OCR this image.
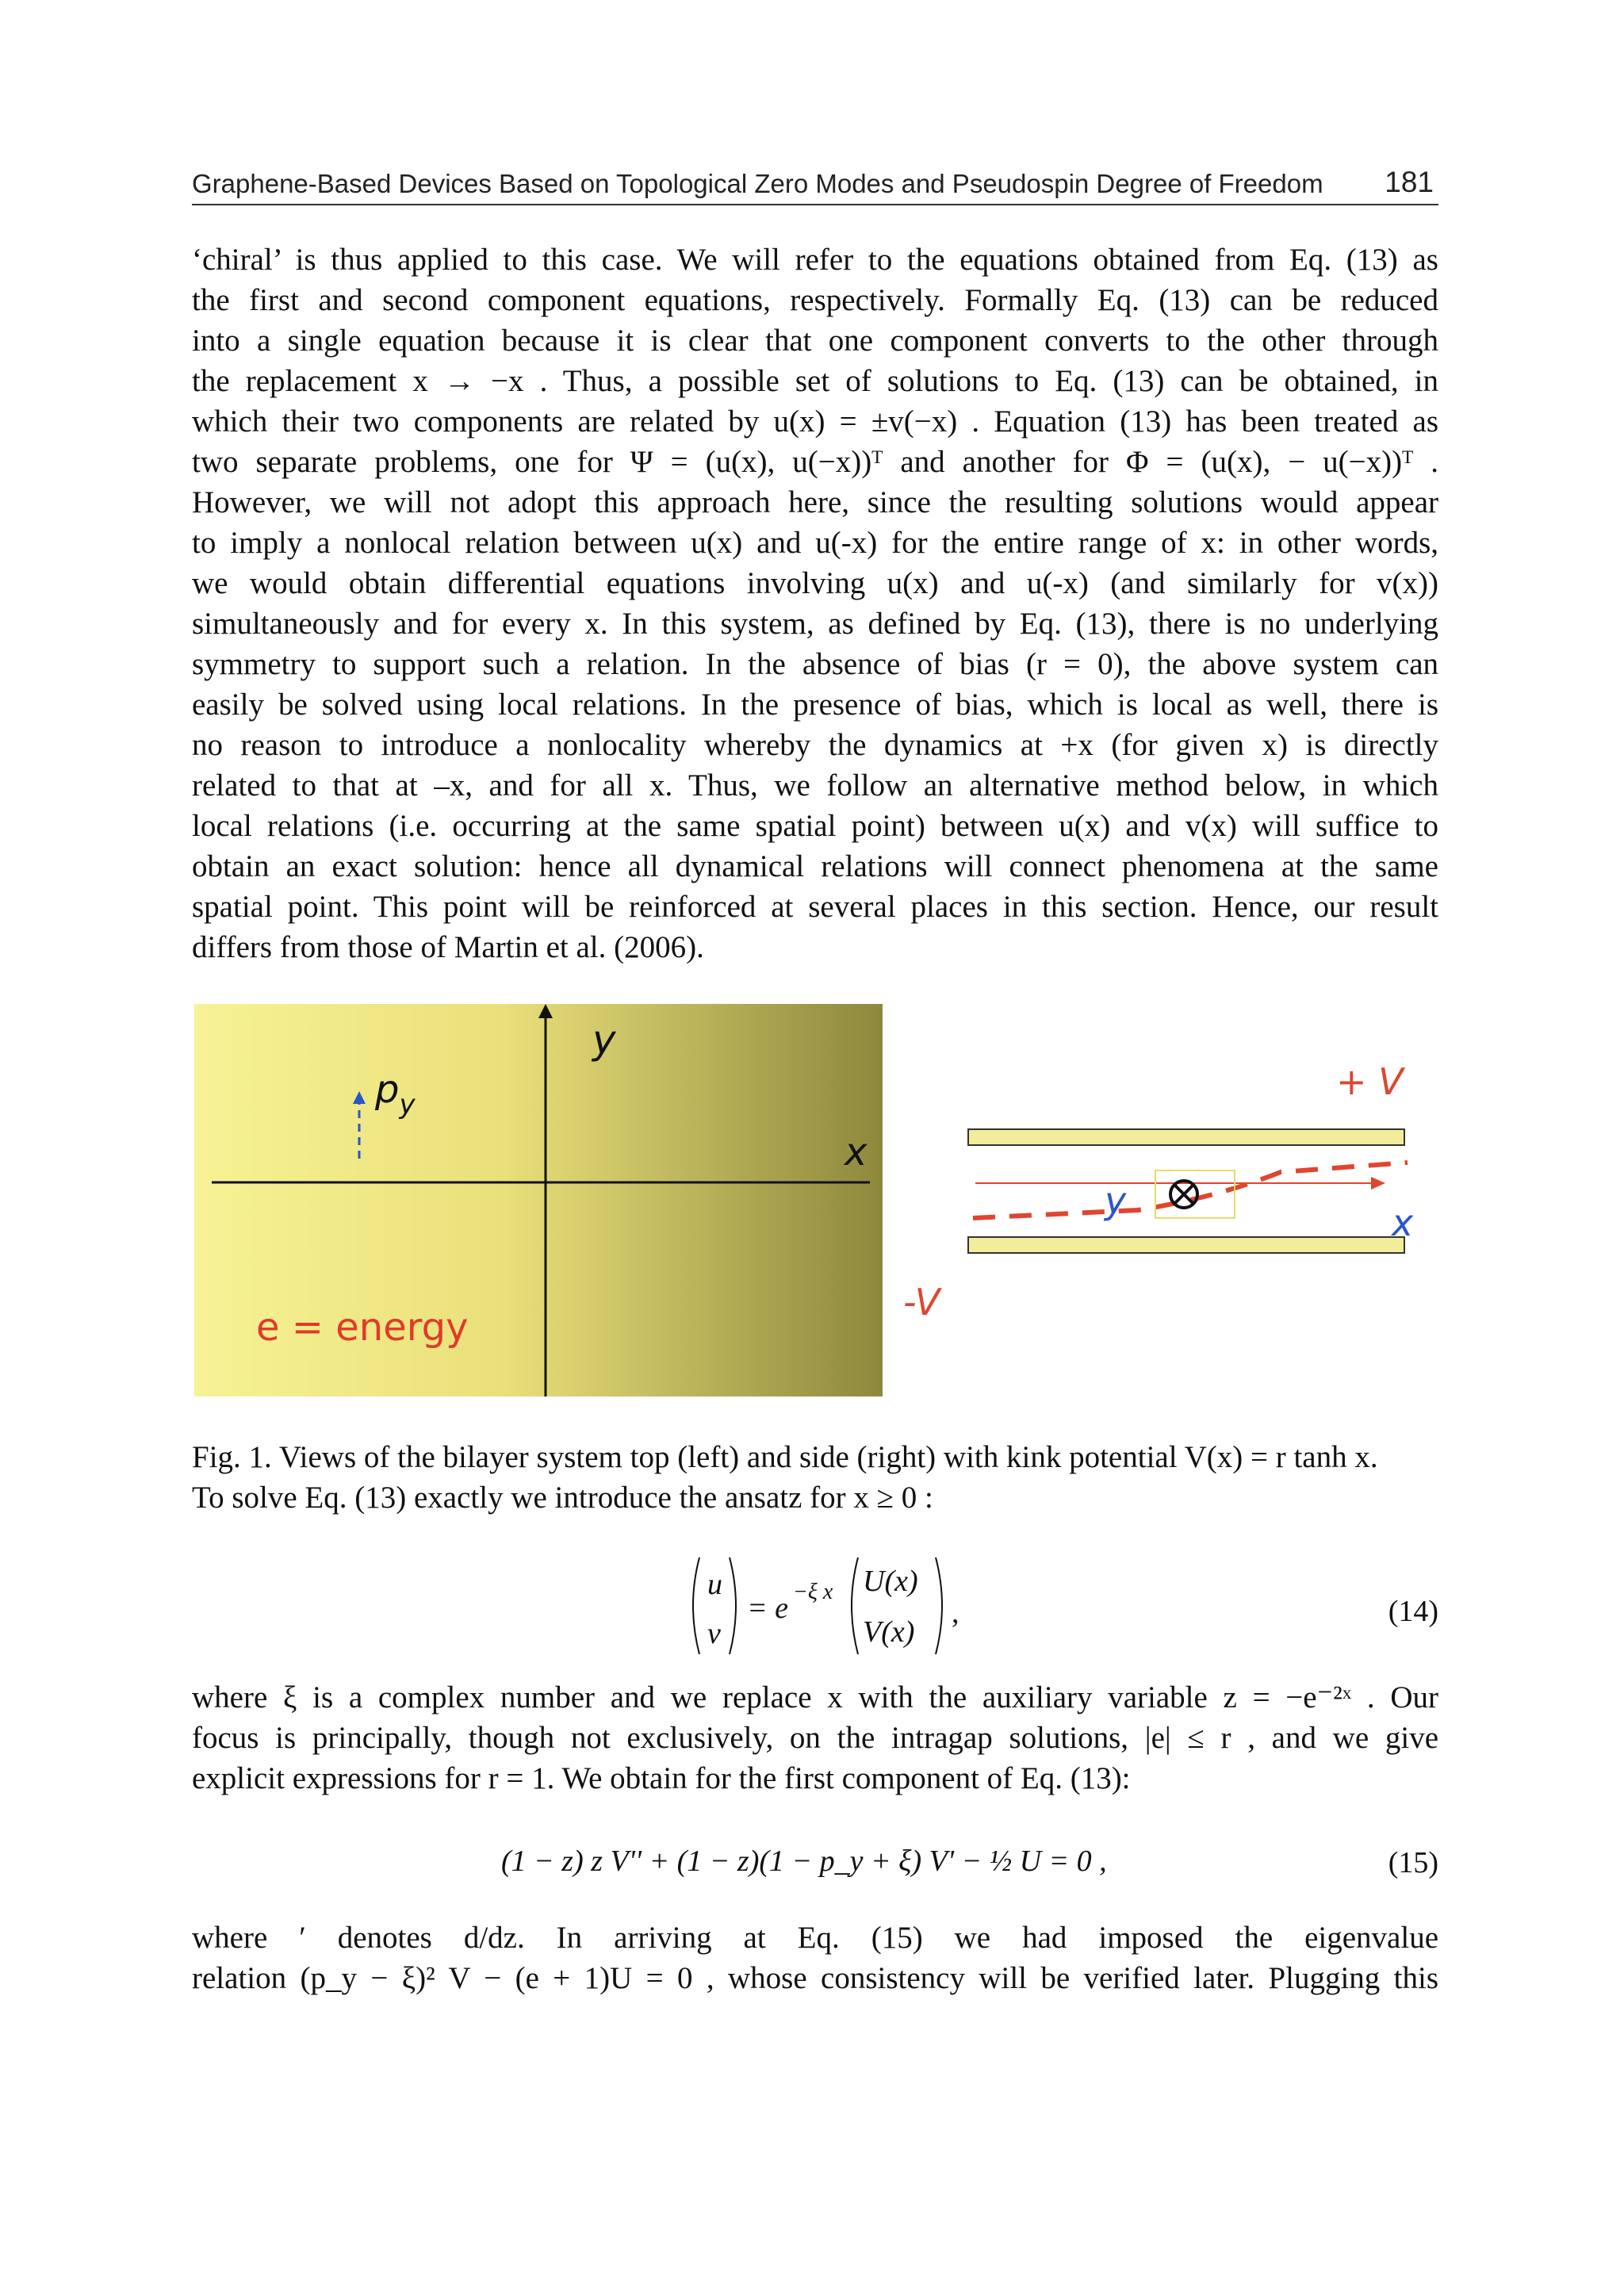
Graphene-Based Devices Based on Topological Zero Modes and Pseudospin Degree of Freedom 181
‘chiral’ is thus applied to this case. We will refer to the equations obtained from Eq. (13) as
the first and second component equations, respectively. Formally Eq. (13) can be reduced
into a single equation because it is clear that one component converts to the other through
the replacement x → −x . Thus, a possible set of solutions to Eq. (13) can be obtained, in
which their two components are related by u(x) = ±v(−x) . Equation (13) has been treated as
two separate problems, one for Ψ = (u(x), u(−x))ᵀ and another for Φ = (u(x), − u(−x))ᵀ .
However, we will not adopt this approach here, since the resulting solutions would appear
to imply a nonlocal relation between u(x) and u(-x) for the entire range of x: in other words,
we would obtain differential equations involving u(x) and u(-x) (and similarly for v(x))
simultaneously and for every x. In this system, as defined by Eq. (13), there is no underlying
symmetry to support such a relation. In the absence of bias (r = 0), the above system can
easily be solved using local relations. In the presence of bias, which is local as well, there is
no reason to introduce a nonlocality whereby the dynamics at +x (for given x) is directly
related to that at –x, and for all x. Thus, we follow an alternative method below, in which
local relations (i.e. occurring at the same spatial point) between u(x) and v(x) will suffice to
obtain an exact solution: hence all dynamical relations will connect phenomena at the same
spatial point. This point will be reinforced at several places in this section. Hence, our result
differs from those of Martin et al. (2006).
y
x
$p_y$
e = energy
+ V
y
x
-V
Fig. 1. Views of the bilayer system top (left) and side (right) with kink potential V(x) = r tanh x.
To solve Eq. (13) exactly we introduce the ansatz for x ≥ 0 :
u
v
= e −ξ x U(x)
V(x)
,	(14)
where ξ is a complex number and we replace x with the auxiliary variable z = −e⁻²ˣ . Our
focus is principally, though not exclusively, on the intragap solutions, |e| ≤ r , and we give
explicit expressions for r = 1. We obtain for the first component of Eq. (13):
(1 − z) z V'' + (1 − z)(1 − p_y + ξ) V' − ½ U = 0 ,	(15)
where ′ denotes d/dz. In arriving at Eq. (15) we had imposed the eigenvalue
relation (p_y − ξ)² V − (e + 1)U = 0 , whose consistency will be verified later. Plugging this
